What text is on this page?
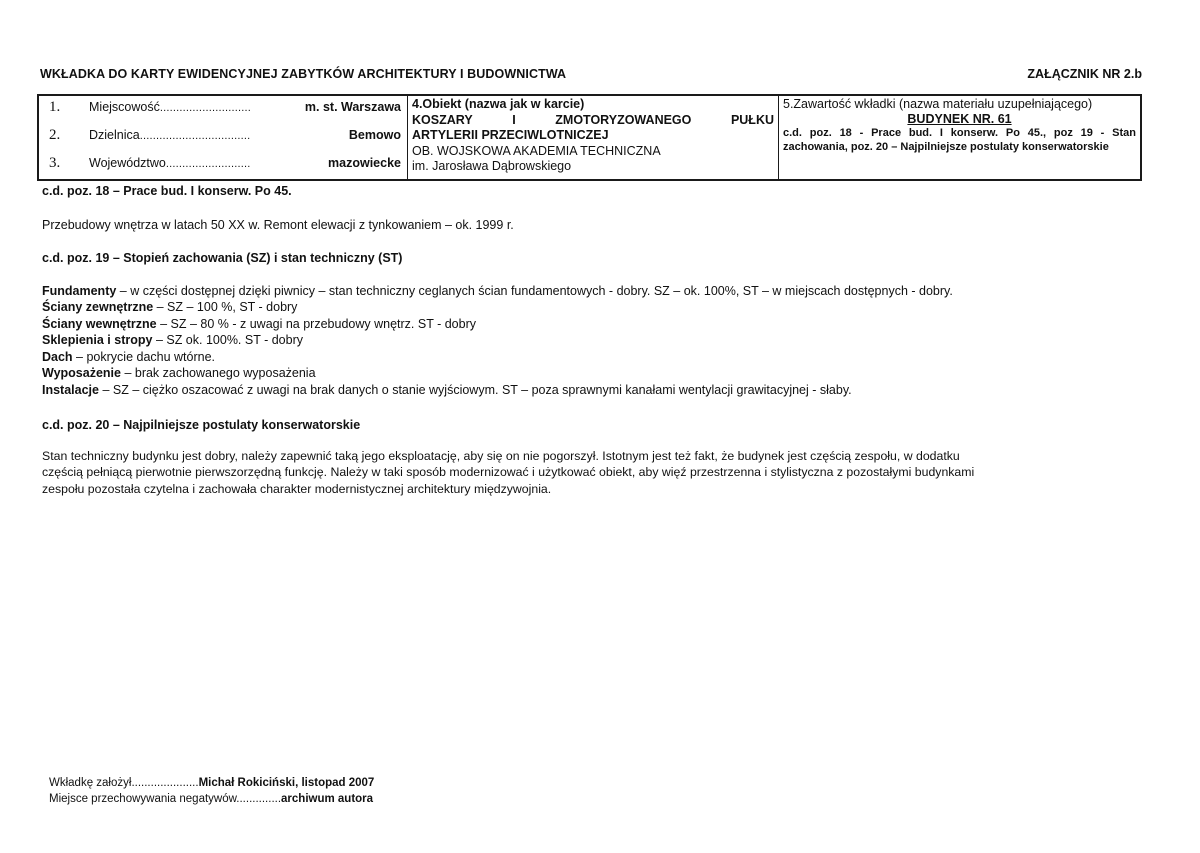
WKŁADKA DO KARTY EWIDENCYJNEJ ZABYTKÓW ARCHITEKTURY I BUDOWNICTWA	ZAŁĄCZNIK NR 2.b
1.	Miejscowość ............................	m. st. Warszawa
2.	Dzielnica ..................................	Bemowo
3.	Województwo ..........................	mazowiecke
4.Obiekt (nazwa jak w karcie)
KOSZARY	I	ZMOTORYZOWANEGO	PUŁKU
ARTYLERII PRZECIWLOTNICZEJ
OB. WOJSKOWA AKADEMIA TECHNICZNA
im. Jarosława Dąbrowskiego
5.Zawartość wkładki (nazwa materiału uzupełniającego)
BUDYNEK NR. 61
c.d. poz. 18 - Prace bud. I konserw. Po 45., poz 19 - Stan zachowania, poz. 20 – Najpilniejsze postulaty konserwatorskie
c.d. poz. 18 – Prace bud. I konserw. Po 45.
Przebudowy wnętrza w latach 50 XX w. Remont elewacji z tynkowaniem – ok. 1999 r.
c.d. poz. 19 – Stopień zachowania (SZ) i stan techniczny (ST)
Fundamenty – w części dostępnej dzięki piwnicy – stan techniczny ceglanych ścian fundamentowych - dobry. SZ – ok. 100%, ST – w miejscach dostępnych - dobry.
Ściany zewnętrzne – SZ – 100 %, ST - dobry
Ściany wewnętrzne – SZ – 80 % - z uwagi na przebudowy wnętrz. ST - dobry
Sklepienia i stropy – SZ ok. 100%. ST - dobry
Dach – pokrycie dachu wtórne.
Wyposażenie – brak zachowanego wyposażenia
Instalacje – SZ – ciężko oszacować z uwagi na brak danych o stanie wyjściowym. ST – poza sprawnymi kanałami wentylacji grawitacyjnej - słaby.
c.d. poz. 20 – Najpilniejsze postulaty konserwatorskie
Stan techniczny budynku jest dobry, należy zapewnić taką jego eksploatację, aby się on nie pogorszył. Istotnym jest też fakt, że budynek jest częścią zespołu, w dodatku
częścią pełniącą pierwotnie pierwszorzędną funkcję. Należy w taki sposób modernizować i użytkować obiekt, aby więź przestrzenna i stylistyczna z pozostałymi budynkami
zespołu pozostała czytelna i zachowała charakter modernistycznej architektury międzywojnia.
Wkładkę założył.....................Michał Rokiciński, listopad 2007
Miejsce przechowywania negatywów..............archiwum autora
